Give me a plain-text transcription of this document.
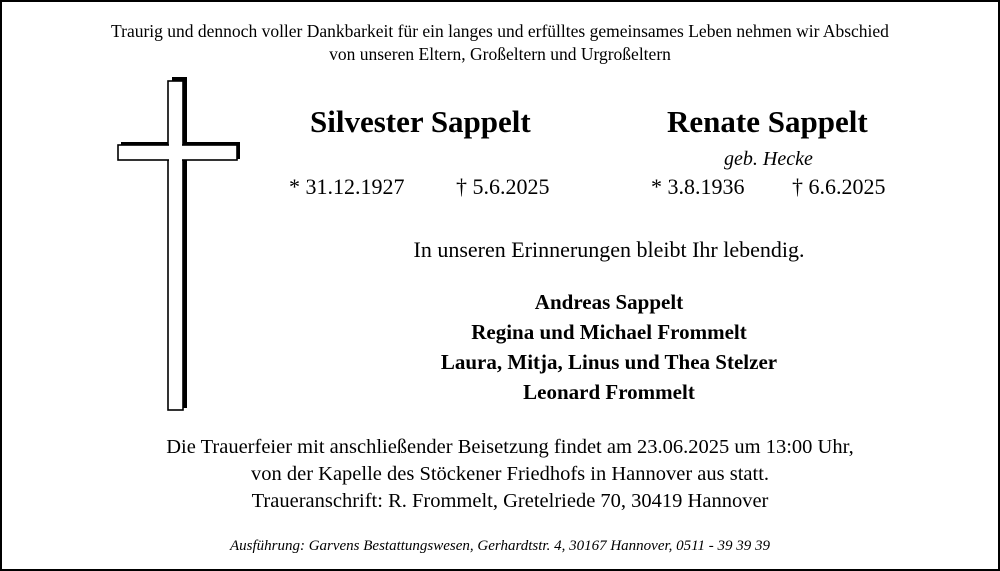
Traurig und dennoch voller Dankbarkeit für ein langes und erfülltes gemeinsames Leben nehmen wir Abschied
von unseren Eltern, Großeltern und Urgroßeltern
Silvester Sappelt	Renate Sappelt
geb. Hecke
* 31.12.1927 † 5.6.2025	* 3.8.1936 † 6.6.2025
In unseren Erinnerungen bleibt Ihr lebendig.
Andreas Sappelt
Regina und Michael Frommelt
Laura, Mitja, Linus und Thea Stelzer
Leonard Frommelt
Die Trauerfeier mit anschließender Beisetzung findet am 23.06.2025 um 13:00 Uhr,
von der Kapelle des Stöckener Friedhofs in Hannover aus statt.
Traueranschrift: R. Frommelt, Gretelriede 70, 30419 Hannover
Ausführung: Garvens Bestattungswesen, Gerhardtstr. 4, 30167 Hannover, 0511 - 39 39 39
